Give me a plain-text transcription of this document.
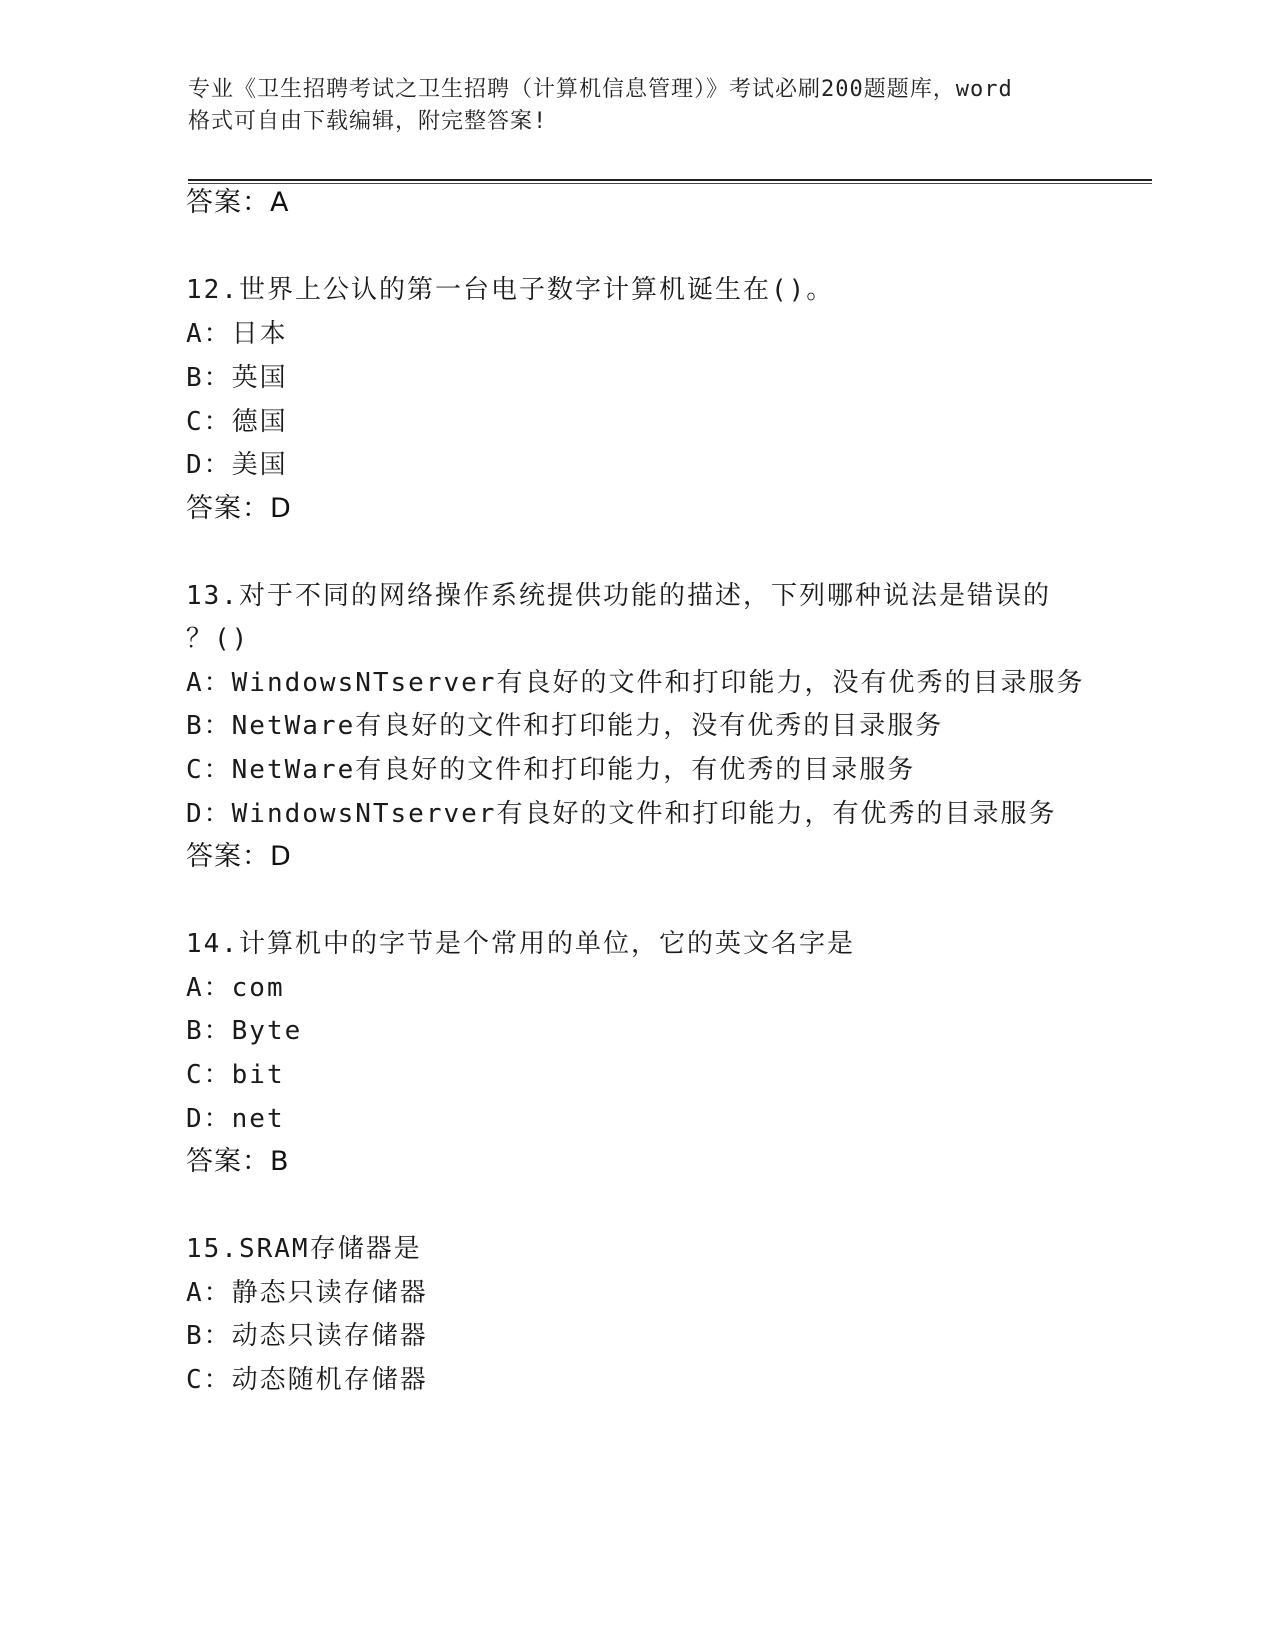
专业《卫生招聘考试之卫生招聘（计算机信息管理）》考试必刷200题题库，word
格式可自由下载编辑，附完整答案!
答案：A
12.世界上公认的第一台电子数字计算机诞生在()。
A：日本
B：英国
C：德国
D：美国
答案：D
13.对于不同的网络操作系统提供功能的描述，下列哪种说法是错误的
？()
A：WindowsNTserver有良好的文件和打印能力，没有优秀的目录服务
B：NetWare有良好的文件和打印能力，没有优秀的目录服务
C：NetWare有良好的文件和打印能力，有优秀的目录服务
D：WindowsNTserver有良好的文件和打印能力，有优秀的目录服务
答案：D
14.计算机中的字节是个常用的单位，它的英文名字是
A：com
B：Byte
C：bit
D：net
答案：B
15.SRAM存储器是
A：静态只读存储器
B：动态只读存储器
C：动态随机存储器
